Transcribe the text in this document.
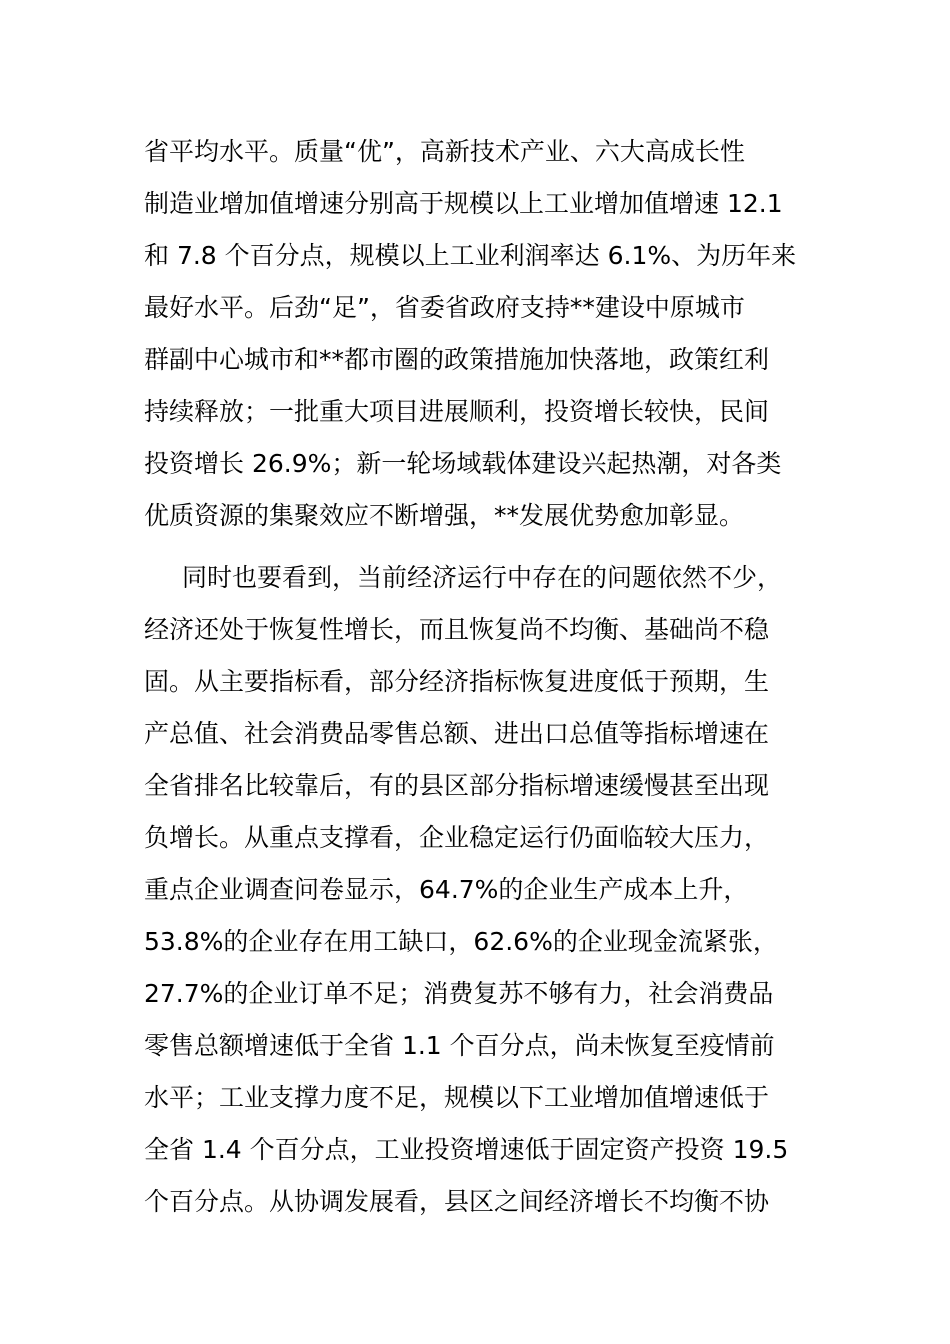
省平均水平。质量“优”，高新技术产业、六大高成长性
制造业增加值增速分别高于规模以上工业增加值增速 12.1
和 7.8 个百分点，规模以上工业利润率达 6.1%、为历年来
最好水平。后劲“足”，省委省政府支持**建设中原城市
群副中心城市和**都市圈的政策措施加快落地，政策红利
持续释放；一批重大项目进展顺利，投资增长较快，民间
投资增长 26.9%；新一轮场域载体建设兴起热潮，对各类
优质资源的集聚效应不断增强，**发展优势愈加彰显。
同时也要看到，当前经济运行中存在的问题依然不少，
经济还处于恢复性增长，而且恢复尚不均衡、基础尚不稳
固。从主要指标看，部分经济指标恢复进度低于预期，生
产总值、社会消费品零售总额、进出口总值等指标增速在
全省排名比较靠后，有的县区部分指标增速缓慢甚至出现
负增长。从重点支撑看，企业稳定运行仍面临较大压力，
重点企业调查问卷显示，64.7%的企业生产成本上升，
53.8%的企业存在用工缺口，62.6%的企业现金流紧张，
27.7%的企业订单不足；消费复苏不够有力，社会消费品
零售总额增速低于全省 1.1 个百分点，尚未恢复至疫情前
水平；工业支撑力度不足，规模以下工业增加值增速低于
全省 1.4 个百分点，工业投资增速低于固定资产投资 19.5
个百分点。从协调发展看，县区之间经济增长不均衡不协
